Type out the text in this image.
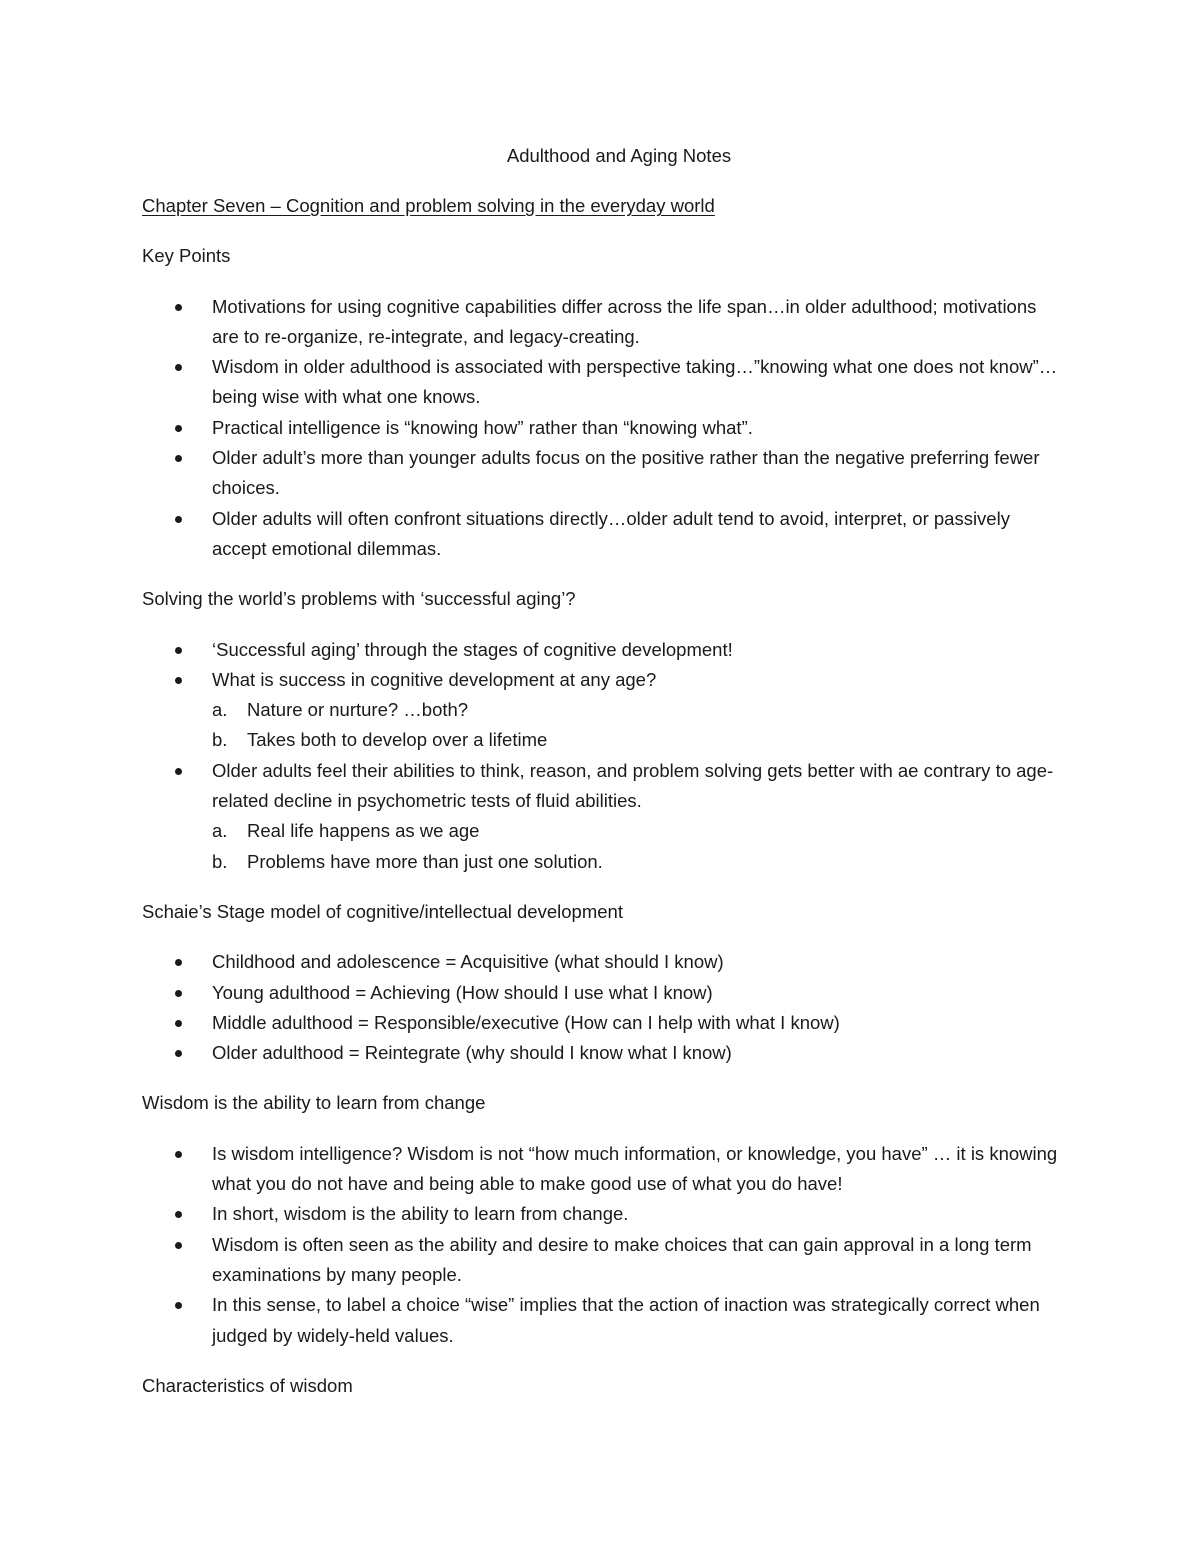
Adulthood and Aging Notes
Chapter Seven – Cognition and problem solving in the everyday world
Key Points
Motivations for using cognitive capabilities differ across the life span…in older adulthood; motivations are to re-organize, re-integrate, and legacy-creating.
Wisdom in older adulthood is associated with perspective taking…”knowing what one does not know”…being wise with what one knows.
Practical intelligence is “knowing how” rather than “knowing what”.
Older adult’s more than younger adults focus on the positive rather than the negative preferring fewer choices.
Older adults will often confront situations directly…older adult tend to avoid, interpret, or passively accept emotional dilemmas.
Solving the world’s problems with ‘successful aging’?
‘Successful aging’ through the stages of cognitive development!
What is success in cognitive development at any age?
a. Nature or nurture? …both?
b. Takes both to develop over a lifetime
Older adults feel their abilities to think, reason, and problem solving gets better with ae contrary to age-related decline in psychometric tests of fluid abilities.
a. Real life happens as we age
b. Problems have more than just one solution.
Schaie’s Stage model of cognitive/intellectual development
Childhood and adolescence = Acquisitive (what should I know)
Young adulthood = Achieving (How should I use what I know)
Middle adulthood = Responsible/executive (How can I help with what I know)
Older adulthood = Reintegrate (why should I know what I know)
Wisdom is the ability to learn from change
Is wisdom intelligence? Wisdom is not “how much information, or knowledge, you have” … it is knowing what you do not have and being able to make good use of what you do have!
In short, wisdom is the ability to learn from change.
Wisdom is often seen as the ability and desire to make choices that can gain approval in a long term examinations by many people.
In this sense, to label a choice “wise” implies that the action of inaction was strategically correct when judged by widely-held values.
Characteristics of wisdom
